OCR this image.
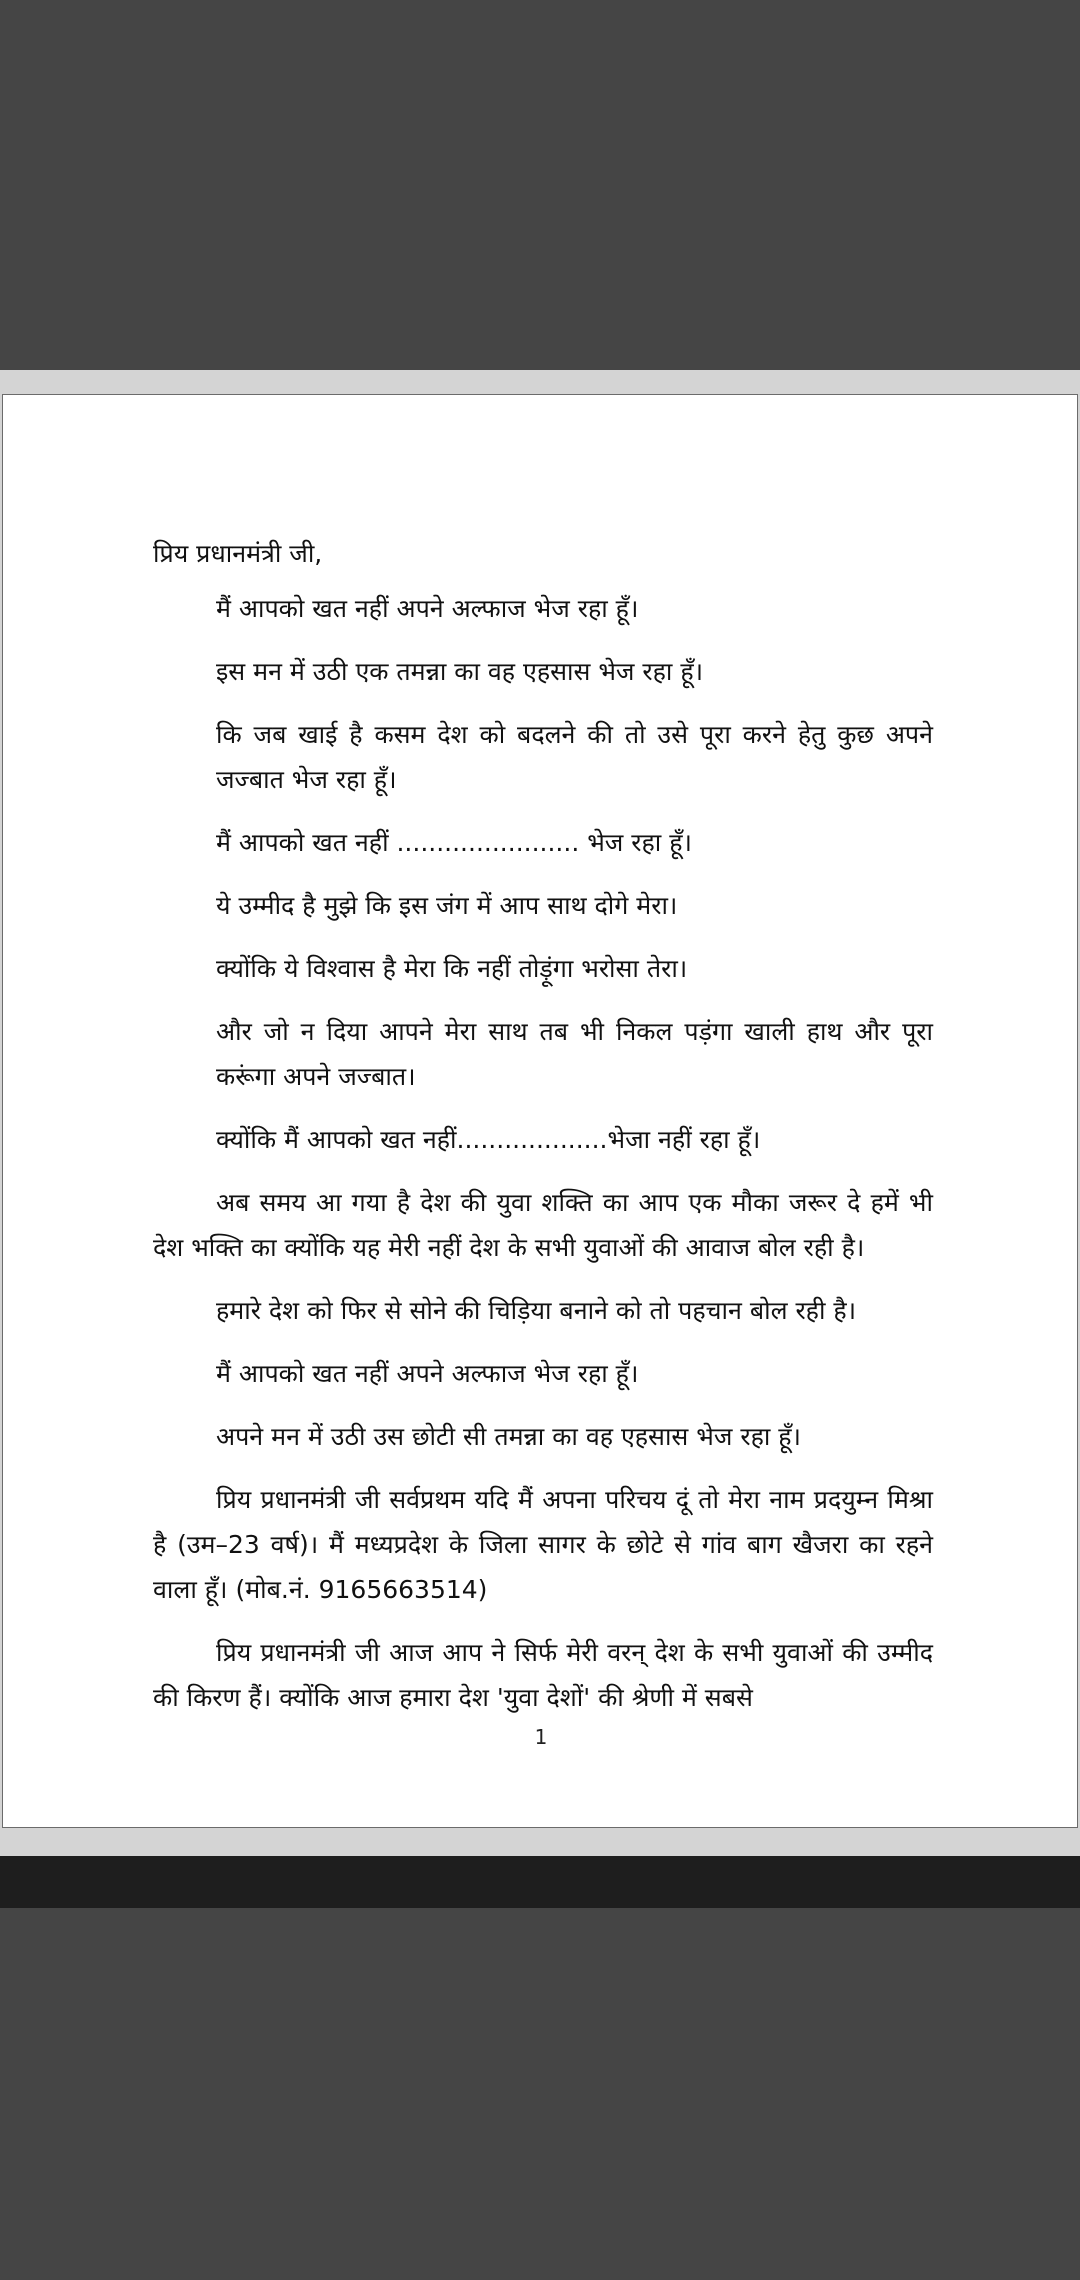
प्रिय प्रधानमंत्री जी,

मैं आपको खत नहीं अपने अल्फाज भेज रहा हूँ।

इस मन में उठी एक तमन्ना का वह एहसास भेज रहा हूँ।

कि जब खाई है कसम देश को बदलने की तो उसे पूरा करने हेतु कुछ अपने जज्बात भेज रहा हूँ।

मैं आपको खत नहीं ....................... भेज रहा हूँ।

ये उम्मीद है मुझे कि इस जंग में आप साथ दोगे मेरा।

क्योंकि ये विश्वास है मेरा कि नहीं तोड़ूंगा भरोसा तेरा।

और जो न दिया आपने मेरा साथ तब भी निकल पड़ंगा खाली हाथ और पूरा करूंगा अपने जज्बात।

क्योंकि मैं आपको खत नहीं...................भेजा नहीं रहा हूँ।

अब समय आ गया है देश की युवा शक्ति का आप एक मौका जरूर दे हमें भी देश भक्ति का क्योंकि यह मेरी नहीं देश के सभी युवाओं की आवाज बोल रही है।

हमारे देश को फिर से सोने की चिड़िया बनाने को तो पहचान बोल रही है।

मैं आपको खत नहीं अपने अल्फाज भेज रहा हूँ।

अपने मन में उठी उस छोटी सी तमन्ना का वह एहसास भेज रहा हूँ।

प्रिय प्रधानमंत्री जी सर्वप्रथम यदि मैं अपना परिचय दूं तो मेरा नाम प्रदयुम्न मिश्रा है (उम–23 वर्ष)। मैं मध्यप्रदेश के जिला सागर के छोटे से गांव बाग खैजरा का रहने वाला हूँ। (मोब.नं. 9165663514)

प्रिय प्रधानमंत्री जी आज आप ने सिर्फ मेरी वरन् देश के सभी युवाओं की उम्मीद की किरण हैं। क्योंकि आज हमारा देश 'युवा देशों' की श्रेणी में सबसे

1
